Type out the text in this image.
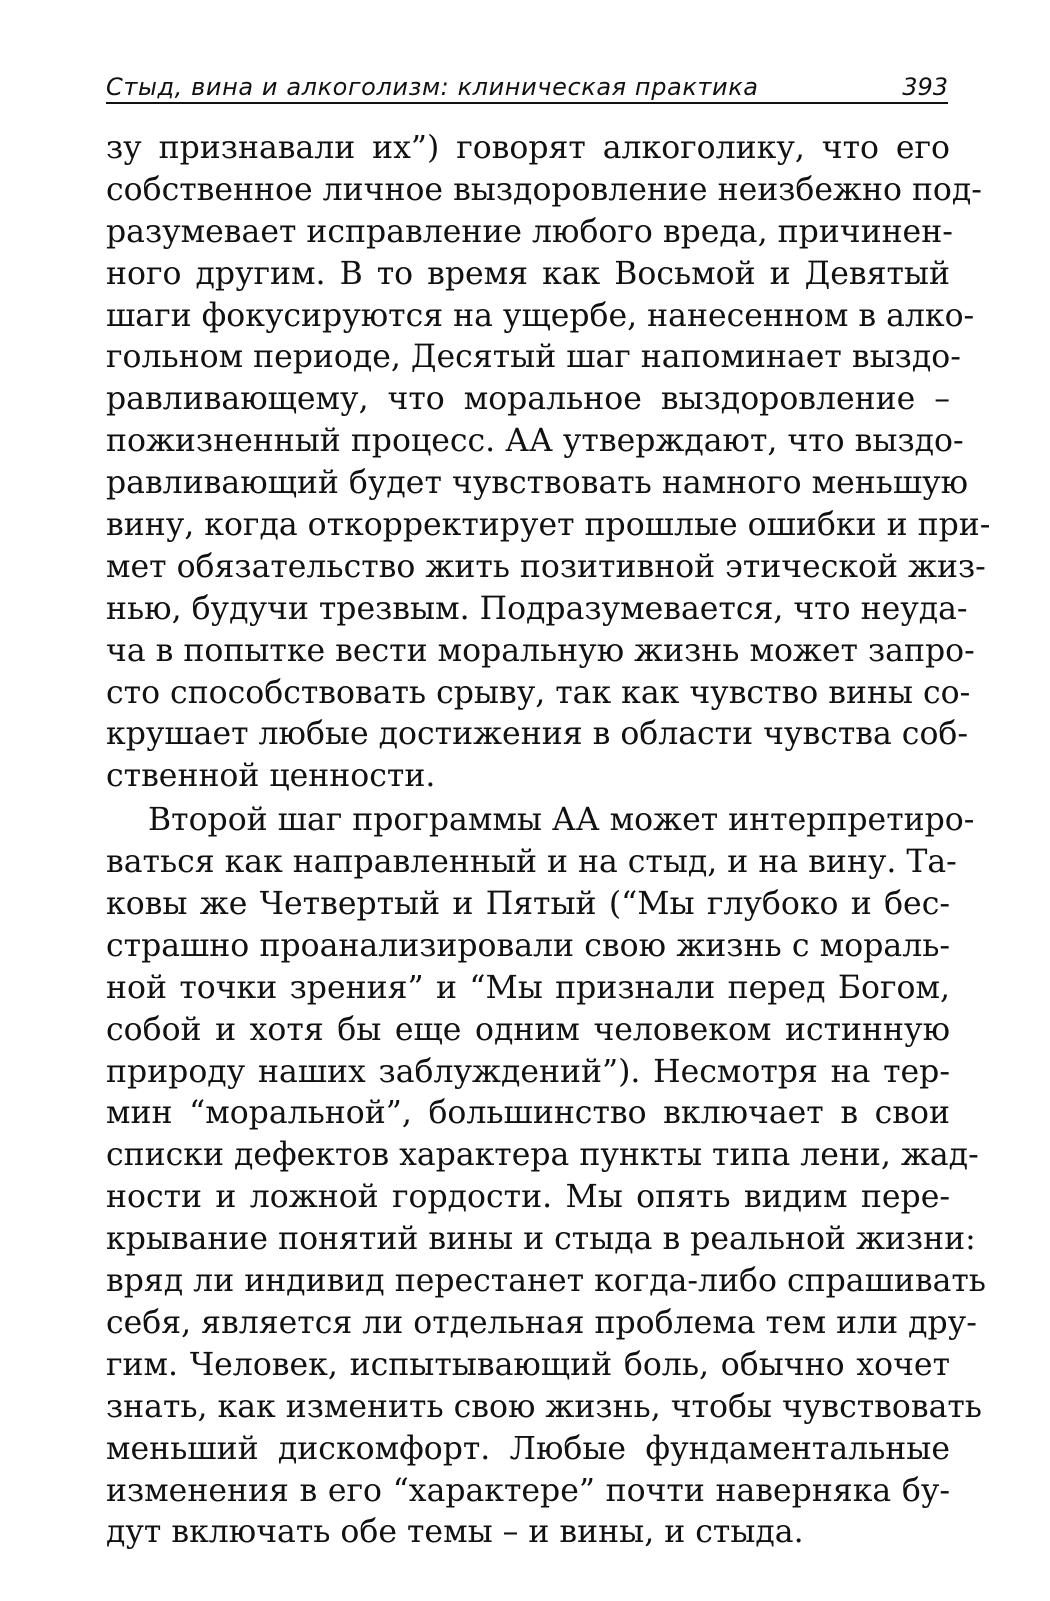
Стыд, вина и алкоголизм: клиническая практика	393
зу признавали их”) говорят алкоголику, что его
собственное личное выздоровление неизбежно под-
разумевает исправление любого вреда, причинен-
ного другим. В то время как Восьмой и Девятый
шаги фокусируются на ущербе, нанесенном в алко-
гольном периоде, Десятый шаг напоминает выздо-
равливающему, что моральное выздоровление –
пожизненный процесс. АА утверждают, что выздо-
равливающий будет чувствовать намного меньшую
вину, когда откорректирует прошлые ошибки и при-
мет обязательство жить позитивной этической жиз-
нью, будучи трезвым. Подразумевается, что неуда-
ча в попытке вести моральную жизнь может запро-
сто способствовать срыву, так как чувство вины со-
крушает любые достижения в области чувства соб-
ственной ценности.
Второй шаг программы АА может интерпретиро-
ваться как направленный и на стыд, и на вину. Та-
ковы же Четвертый и Пятый (“Мы глубоко и бес-
страшно проанализировали свою жизнь с мораль-
ной точки зрения” и “Мы признали перед Богом,
собой и хотя бы еще одним человеком истинную
природу наших заблуждений”). Несмотря на тер-
мин “моральной”, большинство включает в свои
списки дефектов характера пункты типа лени, жад-
ности и ложной гордости. Мы опять видим пере-
крывание понятий вины и стыда в реальной жизни:
вряд ли индивид перестанет когда-либо спрашивать
себя, является ли отдельная проблема тем или дру-
гим. Человек, испытывающий боль, обычно хочет
знать, как изменить свою жизнь, чтобы чувствовать
меньший дискомфорт. Любые фундаментальные
изменения в его “характере” почти наверняка бу-
дут включать обе темы – и вины, и стыда.
